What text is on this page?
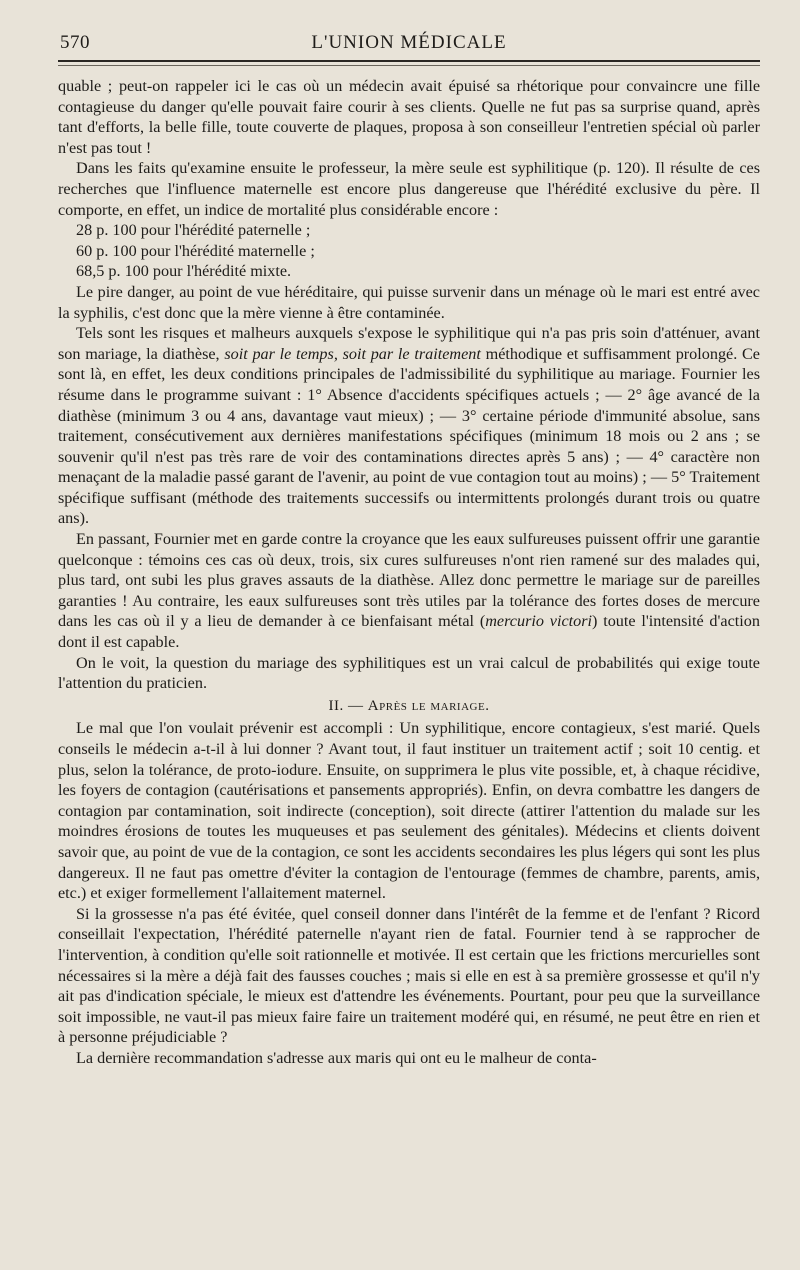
570	L'UNION MÉDICALE

quable ; peut-on rappeler ici le cas où un médecin avait épuisé sa rhétorique pour convaincre une fille contagieuse du danger qu'elle pouvait faire courir à ses clients. Quelle ne fut pas sa surprise quand, après tant d'efforts, la belle fille, toute couverte de plaques, proposa à son conseilleur l'entretien spécial où parler n'est pas tout !

Dans les faits qu'examine ensuite le professeur, la mère seule est syphilitique (p. 120). Il résulte de ces recherches que l'influence maternelle est encore plus dangereuse que l'hérédité exclusive du père. Il comporte, en effet, un indice de mortalité plus considérable encore :

28 p. 100 pour l'hérédité paternelle ;
60 p. 100 pour l'hérédité maternelle ;
68,5 p. 100 pour l'hérédité mixte.

Le pire danger, au point de vue héréditaire, qui puisse survenir dans un ménage où le mari est entré avec la syphilis, c'est donc que la mère vienne à être contaminée.

Tels sont les risques et malheurs auxquels s'expose le syphilitique qui n'a pas pris soin d'atténuer, avant son mariage, la diathèse, soit par le temps, soit par le traitement méthodique et suffisamment prolongé. Ce sont là, en effet, les deux conditions principales de l'admissibilité du syphilitique au mariage. Fournier les résume dans le programme suivant : 1° Absence d'accidents spécifiques actuels ; — 2° âge avancé de la diathèse (minimum 3 ou 4 ans, davantage vaut mieux) ; — 3° certaine période d'immunité absolue, sans traitement, consécutivement aux dernières manifestations spécifiques (minimum 18 mois ou 2 ans ; se souvenir qu'il n'est pas très rare de voir des contaminations directes après 5 ans) ; — 4° caractère non menaçant de la maladie passé garant de l'avenir, au point de vue contagion tout au moins) ; — 5° Traitement spécifique suffisant (méthode des traitements successifs ou intermittents prolongés durant trois ou quatre ans).

En passant, Fournier met en garde contre la croyance que les eaux sulfureuses puissent offrir une garantie quelconque : témoins ces cas où deux, trois, six cures sulfureuses n'ont rien ramené sur des malades qui, plus tard, ont subi les plus graves assauts de la diathèse. Allez donc permettre le mariage sur de pareilles garanties ! Au contraire, les eaux sulfureuses sont très utiles par la tolérance des fortes doses de mercure dans les cas où il y a lieu de demander à ce bienfaisant métal (mercurio victori) toute l'intensité d'action dont il est capable.

On le voit, la question du mariage des syphilitiques est un vrai calcul de probabilités qui exige toute l'attention du praticien.

II. — Après le mariage.

Le mal que l'on voulait prévenir est accompli : Un syphilitique, encore contagieux, s'est marié. Quels conseils le médecin a-t-il à lui donner ? Avant tout, il faut instituer un traitement actif ; soit 10 centig. et plus, selon la tolérance, de proto-iodure. Ensuite, on supprimera le plus vite possible, et, à chaque récidive, les foyers de contagion (cautérisations et pansements appropriés). Enfin, on devra combattre les dangers de contagion par contamination, soit indirecte (conception), soit directe (attirer l'attention du malade sur les moindres érosions de toutes les muqueuses et pas seulement des génitales). Médecins et clients doivent savoir que, au point de vue de la contagion, ce sont les accidents secondaires les plus légers qui sont les plus dangereux. Il ne faut pas omettre d'éviter la contagion de l'entourage (femmes de chambre, parents, amis, etc.) et exiger formellement l'allaitement maternel.

Si la grossesse n'a pas été évitée, quel conseil donner dans l'intérêt de la femme et de l'enfant ? Ricord conseillait l'expectation, l'hérédité paternelle n'ayant rien de fatal. Fournier tend à se rapprocher de l'intervention, à condition qu'elle soit rationnelle et motivée. Il est certain que les frictions mercurielles sont nécessaires si la mère a déjà fait des fausses couches ; mais si elle en est à sa première grossesse et qu'il n'y ait pas d'indication spéciale, le mieux est d'attendre les événements. Pourtant, pour peu que la surveillance soit impossible, ne vaut-il pas mieux faire faire un traitement modéré qui, en résumé, ne peut être en rien et à personne préjudiciable ?

La dernière recommandation s'adresse aux maris qui ont eu le malheur de conta-
